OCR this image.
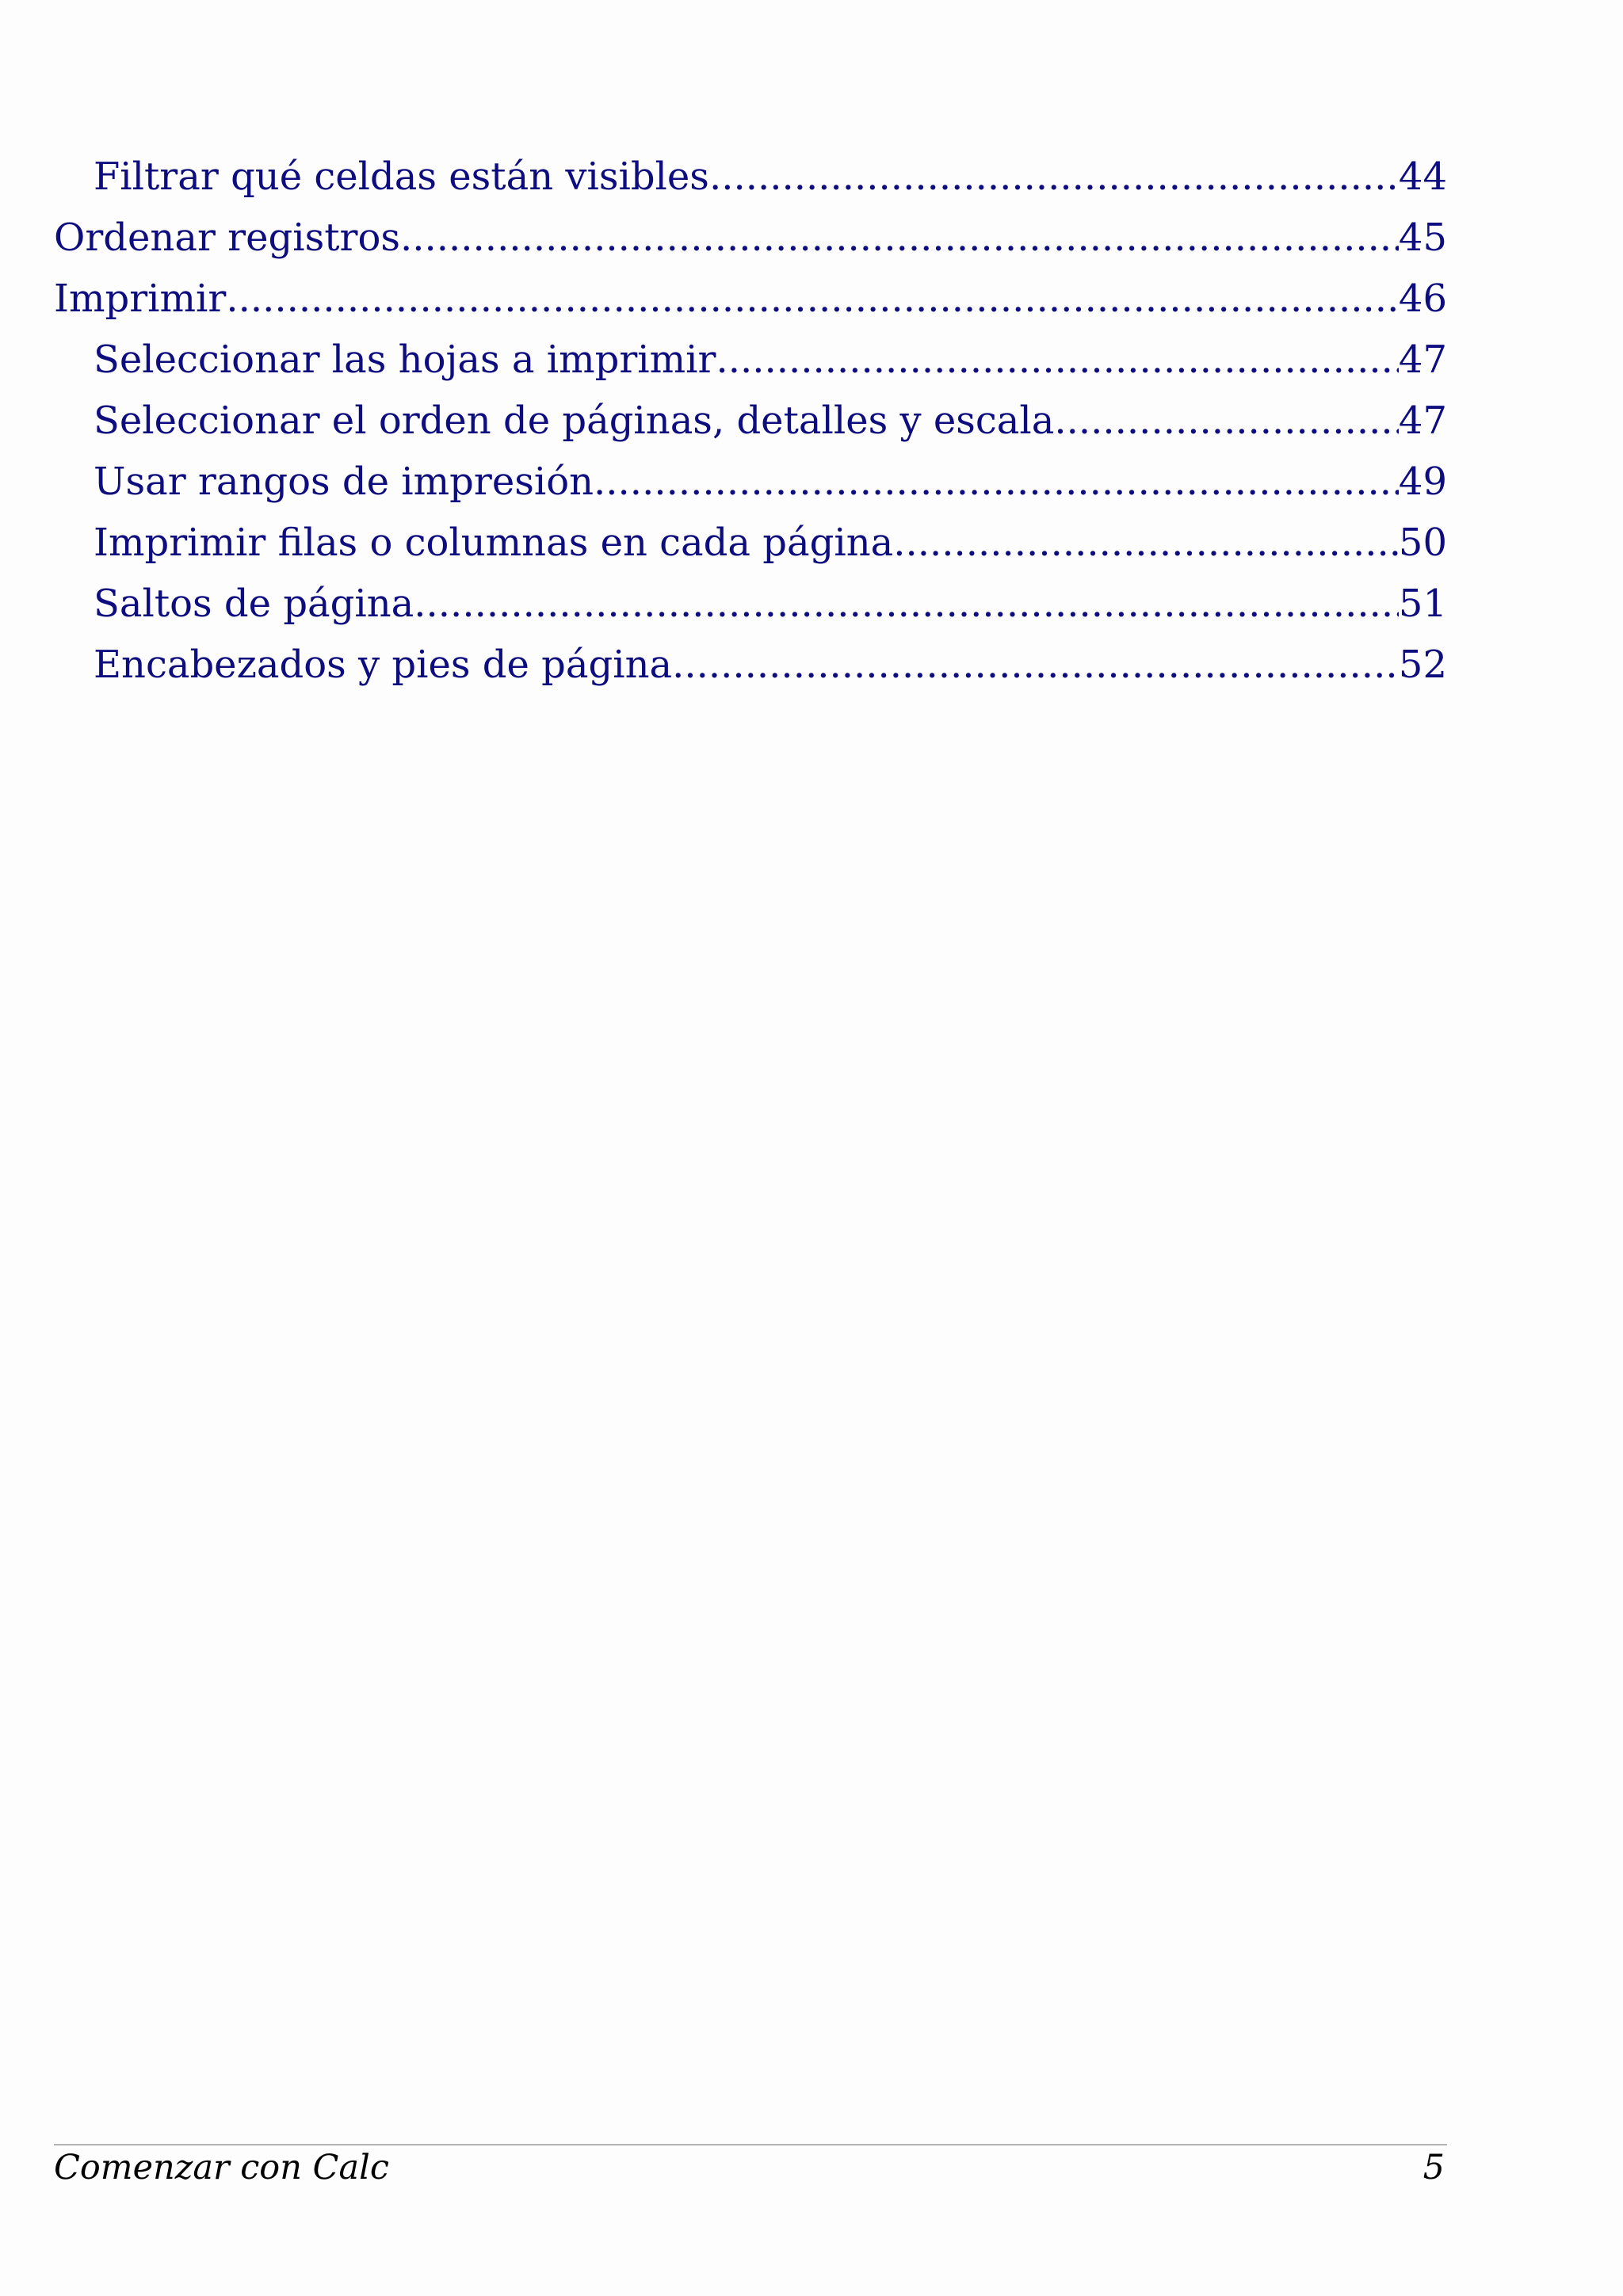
Filtrar qué celdas están visibles .....	44
Ordenar registros .....	45
Imprimir .....	46
Seleccionar las hojas a imprimir .....	47
Seleccionar el orden de páginas, detalles y escala .....	47
Usar rangos de impresión .....	49
Imprimir filas o columnas en cada página .....	50
Saltos de página .....	51
Encabezados y pies de página .....	52
Comenzar con Calc	5
